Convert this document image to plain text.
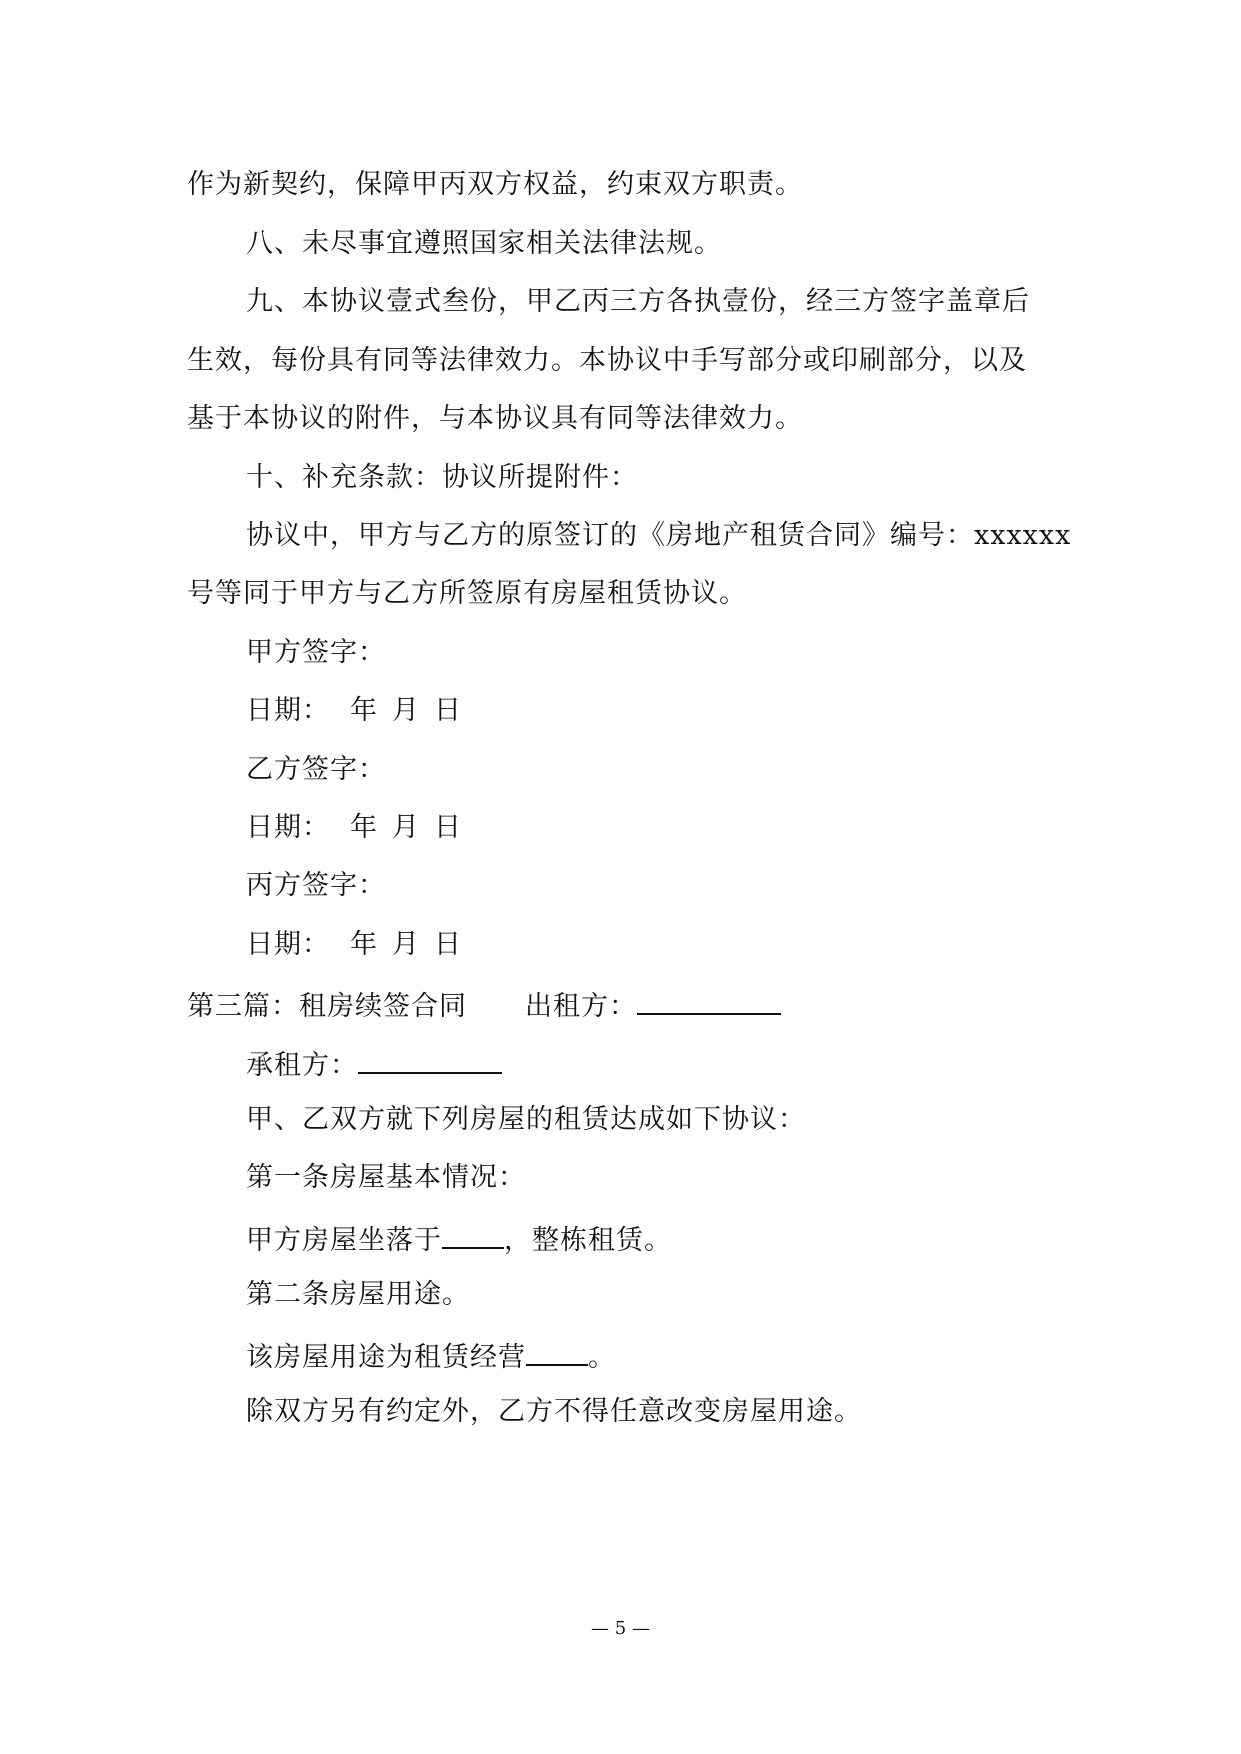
作为新契约，保障甲丙双方权益，约束双方职责。
八、未尽事宜遵照国家相关法律法规。
九、本协议壹式叁份，甲乙丙三方各执壹份，经三方签字盖章后
生效，每份具有同等法律效力。本协议中手写部分或印刷部分，以及
基于本协议的附件，与本协议具有同等法律效力。
十、补充条款：协议所提附件：
协议中，甲方与乙方的原签订的《房地产租赁合同》编号：xxxxxx
号等同于甲方与乙方所签原有房屋租赁协议。
甲方签字：
日期： 年 月 日
乙方签字：
日期： 年 月 日
丙方签字：
日期： 年 月 日
第三篇：租房续签合同 出租方：
承租方：
甲、乙双方就下列房屋的租赁达成如下协议：
第一条房屋基本情况：
甲方房屋坐落于 ，整栋租赁。
第二条房屋用途。
该房屋用途为租赁经营 。
除双方另有约定外，乙方不得任意改变房屋用途。
— 5 —
